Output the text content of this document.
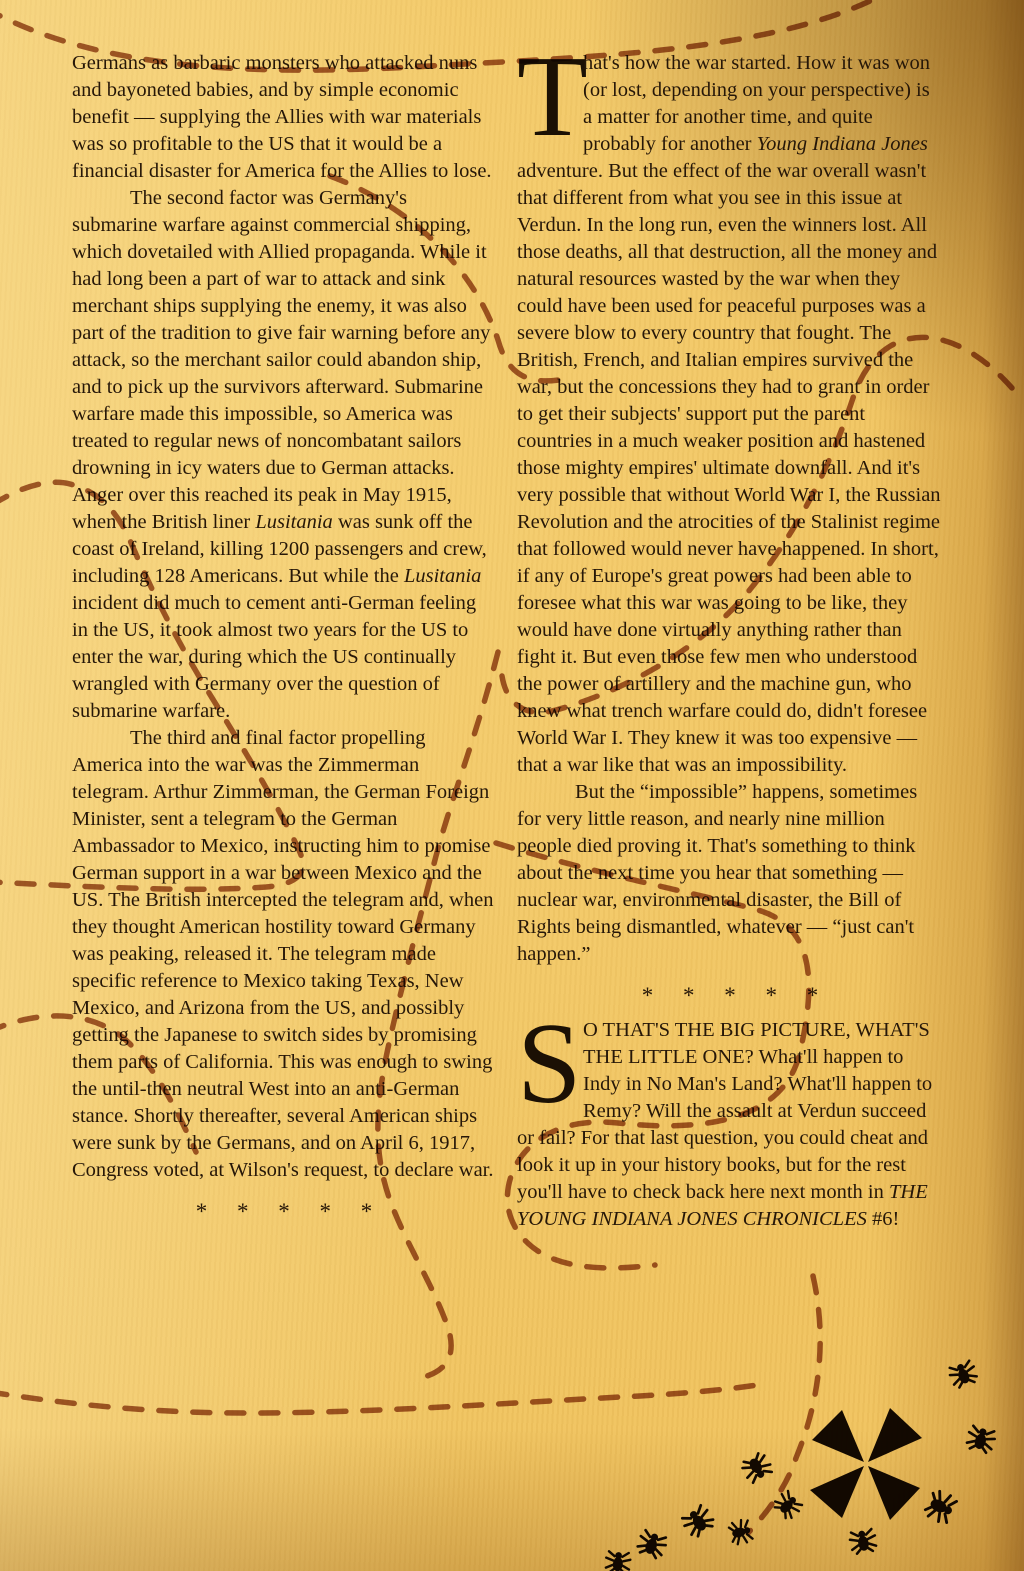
Germans as barbaric monsters who attacked nuns and bayoneted babies, and by simple economic benefit — supplying the Allies with war materials was so profitable to the US that it would be a financial disaster for America for the Allies to lose.

The second factor was Germany's submarine warfare against commercial shipping, which dovetailed with Allied propaganda. While it had long been a part of war to attack and sink merchant ships supplying the enemy, it was also part of the tradition to give fair warning before any attack, so the merchant sailor could abandon ship, and to pick up the survivors afterward. Submarine warfare made this impossible, so America was treated to regular news of noncombatant sailors drowning in icy waters due to German attacks. Anger over this reached its peak in May 1915, when the British liner Lusitania was sunk off the coast of Ireland, killing 1200 passengers and crew, including 128 Americans. But while the Lusitania incident did much to cement anti-German feeling in the US, it took almost two years for the US to enter the war, during which the US continually wrangled with Germany over the question of submarine warfare.

The third and final factor propelling America into the war was the Zimmerman telegram. Arthur Zimmerman, the German Foreign Minister, sent a telegram to the German Ambassador to Mexico, instructing him to promise German support in a war between Mexico and the US. The British intercepted the telegram and, when they thought American hostility toward Germany was peaking, released it. The telegram made specific reference to Mexico taking Texas, New Mexico, and Arizona from the US, and possibly getting the Japanese to switch sides by promising them parts of California. This was enough to swing the until-then neutral West into an anti-German stance. Shortly thereafter, several American ships were sunk by the Germans, and on April 6, 1917, Congress voted, at Wilson's request, to declare war.

* * * * *

T
hat's how the war started. How it was won (or lost, depending on your perspective) is a matter for another time, and quite probably for another Young Indiana Jones adventure. But the effect of the war overall wasn't that different from what you see in this issue at Verdun. In the long run, even the winners lost. All those deaths, all that destruction, all the money and natural resources wasted by the war when they could have been used for peaceful purposes was a severe blow to every country that fought. The British, French, and Italian empires survived the war, but the concessions they had to grant in order to get their subjects' support put the parent countries in a much weaker position and hastened those mighty empires' ultimate downfall. And it's very possible that without World War I, the Russian Revolution and the atrocities of the Stalinist regime that followed would never have happened. In short, if any of Europe's great powers had been able to foresee what this war was going to be like, they would have done virtually anything rather than fight it. But even those few men who understood the power of artillery and the machine gun, who knew what trench warfare could do, didn't foresee World War I. They knew it was too expensive — that a war like that was an impossibility.

But the “impossible” happens, sometimes for very little reason, and nearly nine million people died proving it. That's something to think about the next time you hear that something — nuclear war, environmental disaster, the Bill of Rights being dismantled, whatever — “just can't happen.”

* * * * *

S O THAT'S THE BIG PICTURE, WHAT'S THE LITTLE ONE? What'll happen to Indy in No Man's Land? What'll happen to Remy? Will the assault at Verdun succeed or fail? For that last question, you could cheat and look it up in your history books, but for the rest you'll have to check back here next month in THE YOUNG INDIANA JONES CHRONICLES #6!
